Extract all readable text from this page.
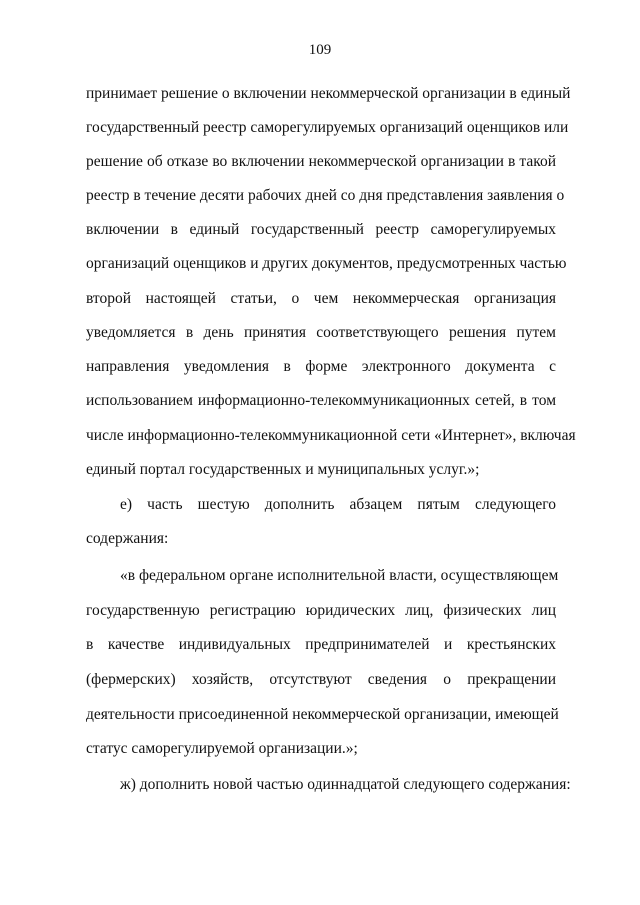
109
принимает решение о включении некоммерческой организации в единый
государственный реестр саморегулируемых организаций оценщиков или
решение об отказе во включении некоммерческой организации в такой
реестр в течение десяти рабочих дней со дня представления заявления о
включении в единый государственный реестр саморегулируемых
организаций оценщиков и других документов, предусмотренных частью
второй настоящей статьи, о чем некоммерческая организация
уведомляется в день принятия соответствующего решения путем
направления уведомления в форме электронного документа с
использованием информационно-телекоммуникационных сетей, в том
числе информационно-телекоммуникационной сети «Интернет», включая
единый портал государственных и муниципальных услуг.»;
е) часть шестую дополнить абзацем пятым следующего
содержания:
«в федеральном органе исполнительной власти, осуществляющем
государственную регистрацию юридических лиц, физических лиц
в качестве индивидуальных предпринимателей и крестьянских
(фермерских) хозяйств, отсутствуют сведения о прекращении
деятельности присоединенной некоммерческой организации, имеющей
статус саморегулируемой организации.»;
ж) дополнить новой частью одиннадцатой следующего содержания:
